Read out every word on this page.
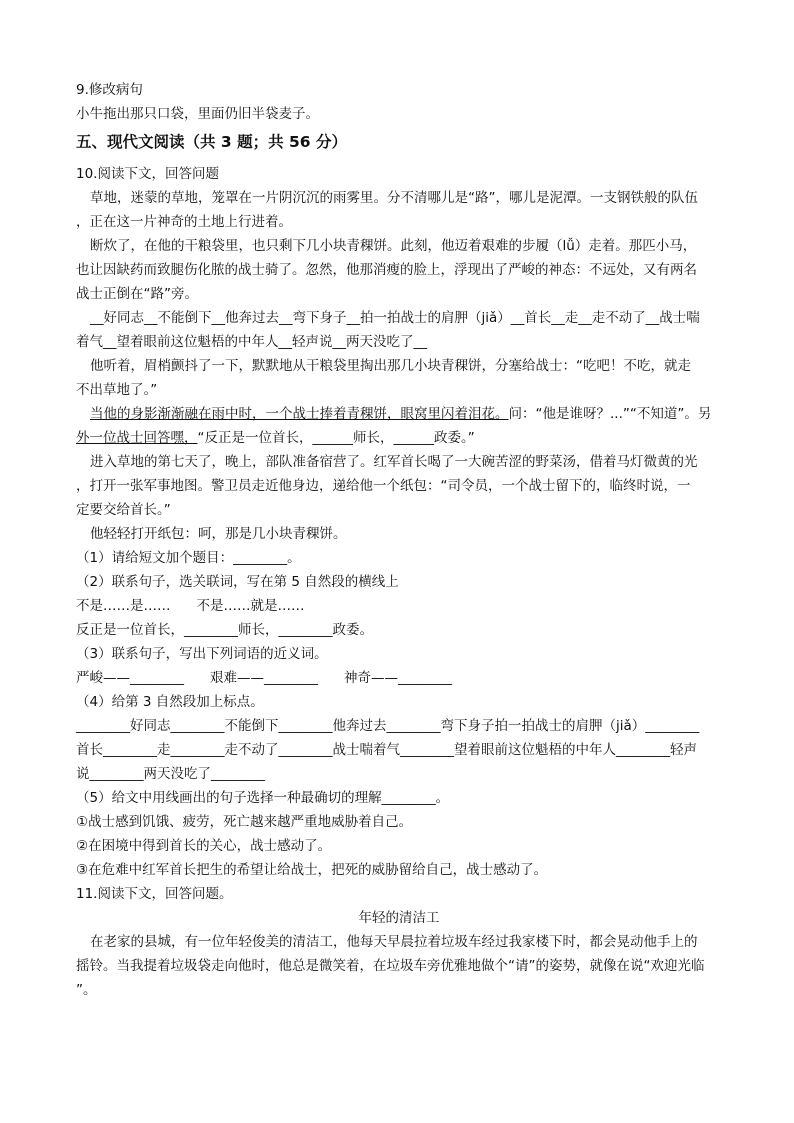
9.修改病句

小牛拖出那只口袋，里面仍旧半袋麦子。

五、现代文阅读（共 3 题；共 56 分）

10.阅读下文，回答问题

草地，迷蒙的草地，笼罩在一片阴沉沉的雨雾里。分不清哪儿是“路”，哪儿是泥潭。一支钢铁般的队伍

，正在这一片神奇的土地上行进着。

断炊了，在他的干粮袋里，也只剩下几小块青稞饼。此刻，他迈着艰难的步履（lǚ）走着。那匹小马，

也让因缺药而致腿伤化脓的战士骑了。忽然，他那消瘦的脸上，浮现出了严峻的神态：不远处，又有两名

战士正倒在“路”旁。

__好同志__不能倒下__他奔过去__弯下身子__拍一拍战士的肩胛（jiǎ）__首长__走__走不动了__战士喘

着气__望着眼前这位魁梧的中年人__轻声说__两天没吃了__

他听着，眉梢颤抖了一下，默默地从干粮袋里掏出那几小块青稞饼，分塞给战士：“吃吧！不吃，就走

不出草地了。”

当他的身影渐渐融在雨中时，一个战士捧着青稞饼，眼窝里闪着泪花。问：“他是谁呀？...”“不知道”。另

外一位战士回答嘿，“反正是一位首长，______师长，______政委。”

进入草地的第七天了，晚上，部队准备宿营了。红军首长喝了一大碗苦涩的野菜汤，借着马灯微黄的光

，打开一张军事地图。警卫员走近他身边，递给他一个纸包：“司令员，一个战士留下的，临终时说，一

定要交给首长。”

他轻轻打开纸包：呵，那是几小块青稞饼。

（1）请给短文加个题目：________。

（2）联系句子，选关联词，写在第 5 自然段的横线上

不是……是…… 不是……就是……

反正是一位首长，________师长，________政委。

（3）联系句子，写出下列词语的近义词。

严峻——________ 艰难——________ 神奇——________

（4）给第 3 自然段加上标点。

________好同志________不能倒下________他奔过去________弯下身子拍一拍战士的肩胛（jiǎ）________

首长________走________走不动了________战士喘着气________望着眼前这位魁梧的中年人________轻声

说________两天没吃了________

（5）给文中用线画出的句子选择一种最确切的理解________。

①战士感到饥饿、疲劳，死亡越来越严重地威胁着自己。

②在困境中得到首长的关心，战士感动了。

③在危难中红军首长把生的希望让给战士，把死的威胁留给自己，战士感动了。

11.阅读下文，回答问题。

年轻的清洁工

在老家的县城，有一位年轻俊美的清洁工，他每天早晨拉着垃圾车经过我家楼下时，都会晃动他手上的

摇铃。当我提着垃圾袋走向他时，他总是微笑着，在垃圾车旁优雅地做个“请”的姿势，就像在说“欢迎光临

”。
